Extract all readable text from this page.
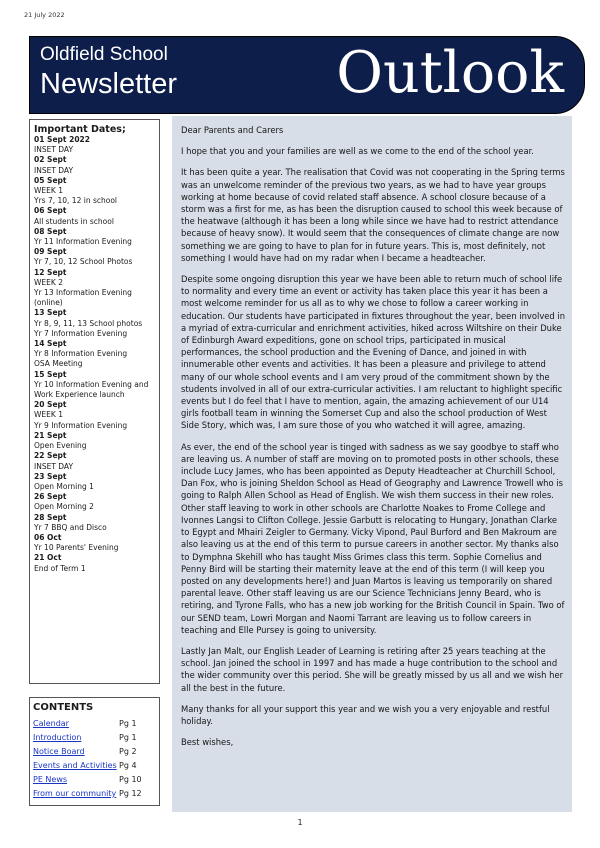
21 July 2022
Oldfield School
Newsletter	Outlook
Important Dates;
01 Sept 2022
INSET DAY
02 Sept
INSET DAY
05 Sept
WEEK 1
Yrs 7, 10, 12 in school
06 Sept
All students in school
08 Sept
Yr 11 Information Evening
09 Sept
Yr 7, 10, 12 School Photos
12 Sept
WEEK 2
Yr 13 Information Evening (online)
13 Sept
Yr 8, 9, 11, 13 School photos
Yr 7 Information Evening
14 Sept
Yr 8 Information Evening
OSA Meeting
15 Sept
Yr 10 Information Evening and Work Experience launch
20 Sept
WEEK 1
Yr 9 Information Evening
21 Sept
Open Evening
22 Sept
INSET DAY
23 Sept
Open Morning 1
26 Sept
Open Morning 2
28 Sept
Yr 7 BBQ and Disco
06 Oct
Yr 10 Parents' Evening
21 Oct
End of Term 1
CONTENTS
Calendar	Pg 1
Introduction	Pg 1
Notice Board	Pg 2
Events and Activities Pg 4
PE News	Pg 10
From our community Pg 12

Dear Parents and Carers

I hope that you and your families are well as we come to the end of the school year.

It has been quite a year. The realisation that Covid was not cooperating in the Spring terms was an unwelcome reminder of the previous two years, as we had to have year groups working at home because of covid related staff absence. A school closure because of a storm was a first for me, as has been the disruption caused to school this week because of the heatwave (although it has been a long while since we have had to restrict attendance because of heavy snow). It would seem that the consequences of climate change are now something we are going to have to plan for in future years. This is, most definitely, not something I would have had on my radar when I became a headteacher.

Despite some ongoing disruption this year we have been able to return much of school life to normality and every time an event or activity has taken place this year it has been a most welcome reminder for us all as to why we chose to follow a career working in education. Our students have participated in fixtures throughout the year, been involved in a myriad of extra-curricular and enrichment activities, hiked across Wiltshire on their Duke of Edinburgh Award expeditions, gone on school trips, participated in musical performances, the school production and the Evening of Dance, and joined in with innumerable other events and activities. It has been a pleasure and privilege to attend many of our whole school events and I am very proud of the commitment shown by the students involved in all of our extra-curricular activities. I am reluctant to highlight specific events but I do feel that I have to mention, again, the amazing achievement of our U14 girls football team in winning the Somerset Cup and also the school production of West Side Story, which was, I am sure those of you who watched it will agree, amazing.

As ever, the end of the school year is tinged with sadness as we say goodbye to staff who are leaving us. A number of staff are moving on to promoted posts in other schools, these include Lucy James, who has been appointed as Deputy Headteacher at Churchill School, Dan Fox, who is joining Sheldon School as Head of Geography and Lawrence Trowell who is going to Ralph Allen School as Head of English. We wish them success in their new roles. Other staff leaving to work in other schools are Charlotte Noakes to Frome College and Ivonnes Langsi to Clifton College. Jessie Garbutt is relocating to Hungary, Jonathan Clarke to Egypt and Mhairi Zeigler to Germany. Vicky Vipond, Paul Burford and Ben Makroum are also leaving us at the end of this term to pursue careers in another sector. My thanks also to Dymphna Skehill who has taught Miss Grimes class this term. Sophie Cornelius and Penny Bird will be starting their maternity leave at the end of this term (I will keep you posted on any developments here!) and Juan Martos is leaving us temporarily on shared parental leave. Other staff leaving us are our Science Technicians Jenny Beard, who is retiring, and Tyrone Falls, who has a new job working for the British Council in Spain. Two of our SEND team, Lowri Morgan and Naomi Tarrant are leaving us to follow careers in teaching and Elle Pursey is going to university.

Lastly Jan Malt, our English Leader of Learning is retiring after 25 years teaching at the school. Jan joined the school in 1997 and has made a huge contribution to the school and the wider community over this period. She will be greatly missed by us all and we wish her all the best in the future.

Many thanks for all your support this year and we wish you a very enjoyable and restful holiday.

Best wishes,

1
